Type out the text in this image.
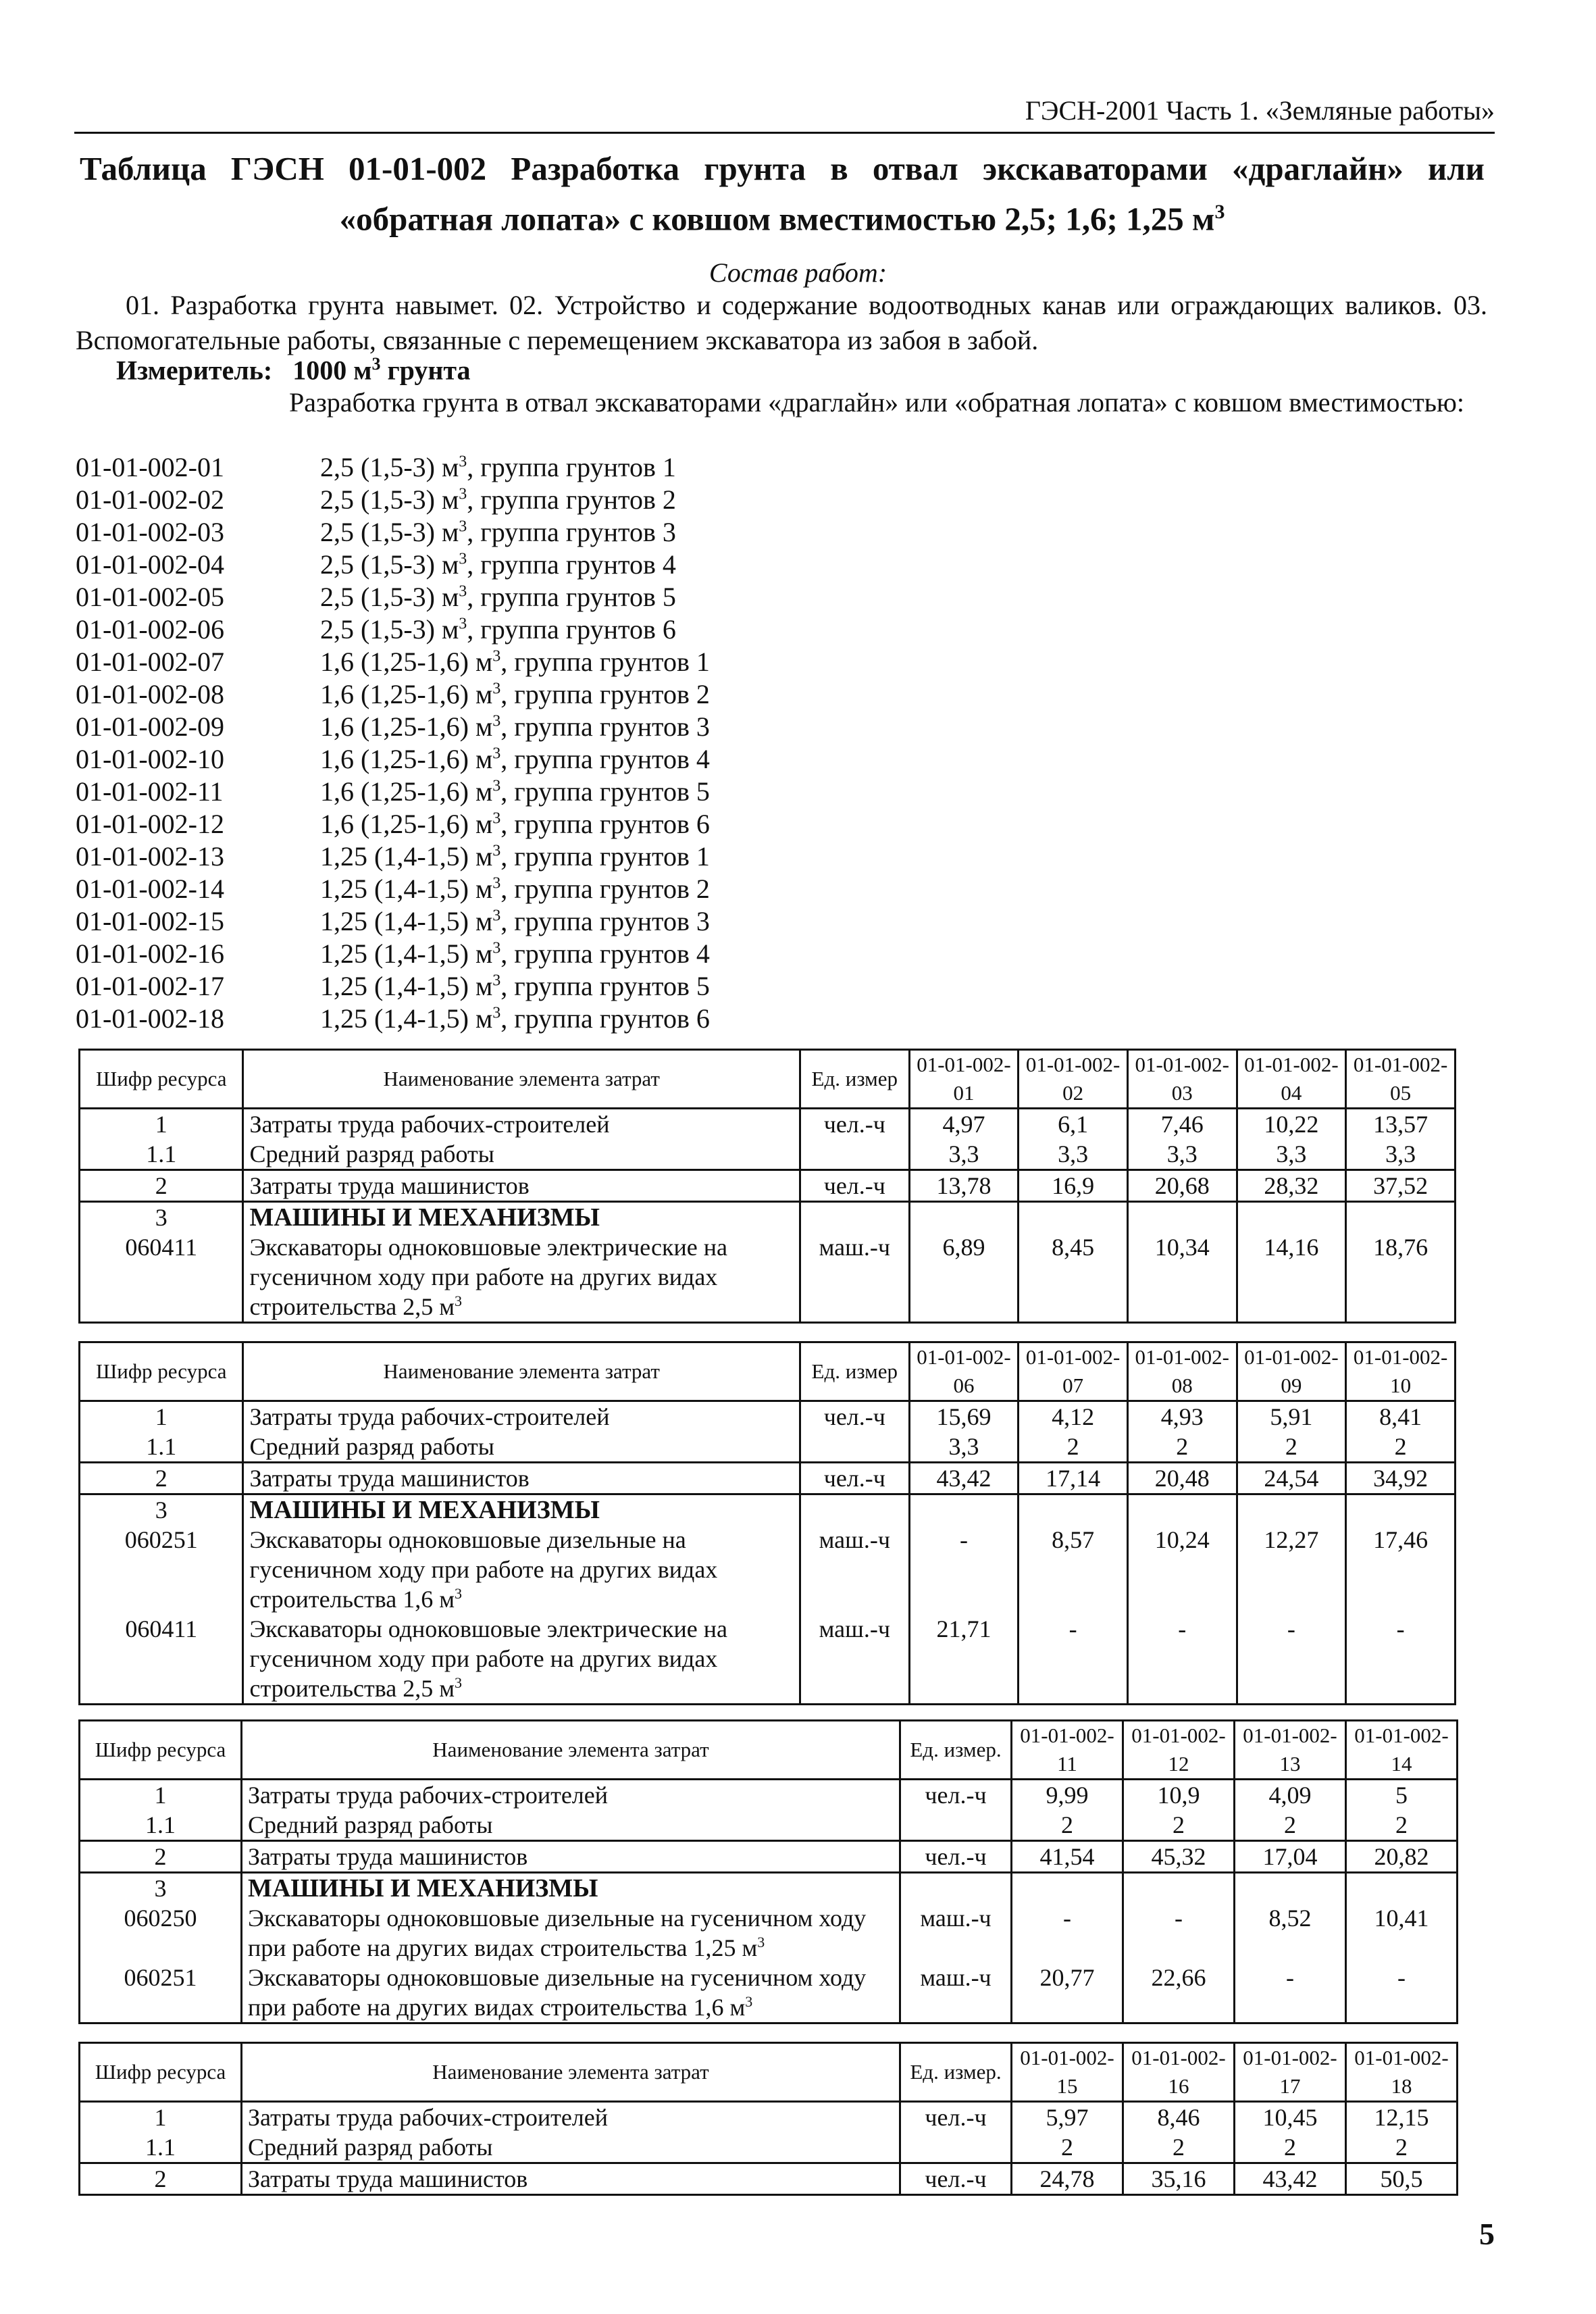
ГЭСН-2001 Часть 1. «Земляные работы»
Таблица ГЭСН 01-01-002 Разработка грунта в отвал экскаваторами «драглайн» или «обратная лопата» с ковшом вместимостью 2,5; 1,6; 1,25 $м^3$
Состав работ:
01. Разработка грунта навымет. 02. Устройство и содержание водоотводных канав или ограждающих валиков. 03. Вспомогательные работы, связанные с перемещением экскаватора из забоя в забой.
Измеритель: 1000 $м^3$ грунта
Разработка грунта в отвал экскаваторами «драглайн» или «обратная лопата» с ковшом вместимостью:
01-01-002-01	2,5 (1,5-3) $м^3$, группа грунтов 1
01-01-002-02	2,5 (1,5-3) $м^3$, группа грунтов 2
01-01-002-03	2,5 (1,5-3) $м^3$, группа грунтов 3
01-01-002-04	2,5 (1,5-3) $м^3$, группа грунтов 4
01-01-002-05	2,5 (1,5-3) $м^3$, группа грунтов 5
01-01-002-06	2,5 (1,5-3) $м^3$, группа грунтов 6
01-01-002-07	1,6 (1,25-1,6) $м^3$, группа грунтов 1
01-01-002-08	1,6 (1,25-1,6) $м^3$, группа грунтов 2
01-01-002-09	1,6 (1,25-1,6) $м^3$, группа грунтов 3
01-01-002-10	1,6 (1,25-1,6) $м^3$, группа грунтов 4
01-01-002-11	1,6 (1,25-1,6) $м^3$, группа грунтов 5
01-01-002-12	1,6 (1,25-1,6) $м^3$, группа грунтов 6
01-01-002-13	1,25 (1,4-1,5) $м^3$, группа грунтов 1
01-01-002-14	1,25 (1,4-1,5) $м^3$, группа грунтов 2
01-01-002-15	1,25 (1,4-1,5) $м^3$, группа грунтов 3
01-01-002-16	1,25 (1,4-1,5) $м^3$, группа грунтов 4
01-01-002-17	1,25 (1,4-1,5) $м^3$, группа грунтов 5
01-01-002-18	1,25 (1,4-1,5) $м^3$, группа грунтов 6
Шифр ресурса	Наименование элемента затрат	Ед. измер	01-01-002-01	01-01-002-02	01-01-002-03	01-01-002-04	01-01-002-05
1	Затраты труда рабочих-строителей	чел.-ч	4,97	6,1	7,46	10,22	13,57
1.1	Средний разряд работы		3,3	3,3	3,3	3,3	3,3
2	Затраты труда машинистов	чел.-ч	13,78	16,9	20,68	28,32	37,52
3	МАШИНЫ И МЕХАНИЗМЫ						
060411	Экскаваторы одноковшовые электрические на гусеничном ходу при работе на других видах строительства 2,5 $м^3$	маш.-ч	6,89	8,45	10,34	14,16	18,76
Шифр ресурса	Наименование элемента затрат	Ед. измер	01-01-002-06	01-01-002-07	01-01-002-08	01-01-002-09	01-01-002-10
1	Затраты труда рабочих-строителей	чел.-ч	15,69	4,12	4,93	5,91	8,41
1.1	Средний разряд работы		3,3	2	2	2	2
2	Затраты труда машинистов	чел.-ч	43,42	17,14	20,48	24,54	34,92
3	МАШИНЫ И МЕХАНИЗМЫ						
060251	Экскаваторы одноковшовые дизельные на гусеничном ходу при работе на других видах строительства 1,6 $м^3$	маш.-ч	-	8,57	10,24	12,27	17,46
060411	Экскаваторы одноковшовые электрические на гусеничном ходу при работе на других видах строительства 2,5 $м^3$	маш.-ч	21,71	-	-	-	-
Шифр ресурса	Наименование элемента затрат	Ед. измер.	01-01-002-11	01-01-002-12	01-01-002-13	01-01-002-14
1	Затраты труда рабочих-строителей	чел.-ч	9,99	10,9	4,09	5
1.1	Средний разряд работы		2	2	2	2
2	Затраты труда машинистов	чел.-ч	41,54	45,32	17,04	20,82
3	МАШИНЫ И МЕХАНИЗМЫ					
060250	Экскаваторы одноковшовые дизельные на гусеничном ходу при работе на других видах строительства 1,25 $м^3$	маш.-ч	-	-	8,52	10,41
060251	Экскаваторы одноковшовые дизельные на гусеничном ходу при работе на других видах строительства 1,6 $м^3$	маш.-ч	20,77	22,66	-	-
Шифр ресурса	Наименование элемента затрат	Ед. измер.	01-01-002-15	01-01-002-16	01-01-002-17	01-01-002-18
1	Затраты труда рабочих-строителей	чел.-ч	5,97	8,46	10,45	12,15
1.1	Средний разряд работы		2	2	2	2
2	Затраты труда машинистов	чел.-ч	24,78	35,16	43,42	50,5
5
